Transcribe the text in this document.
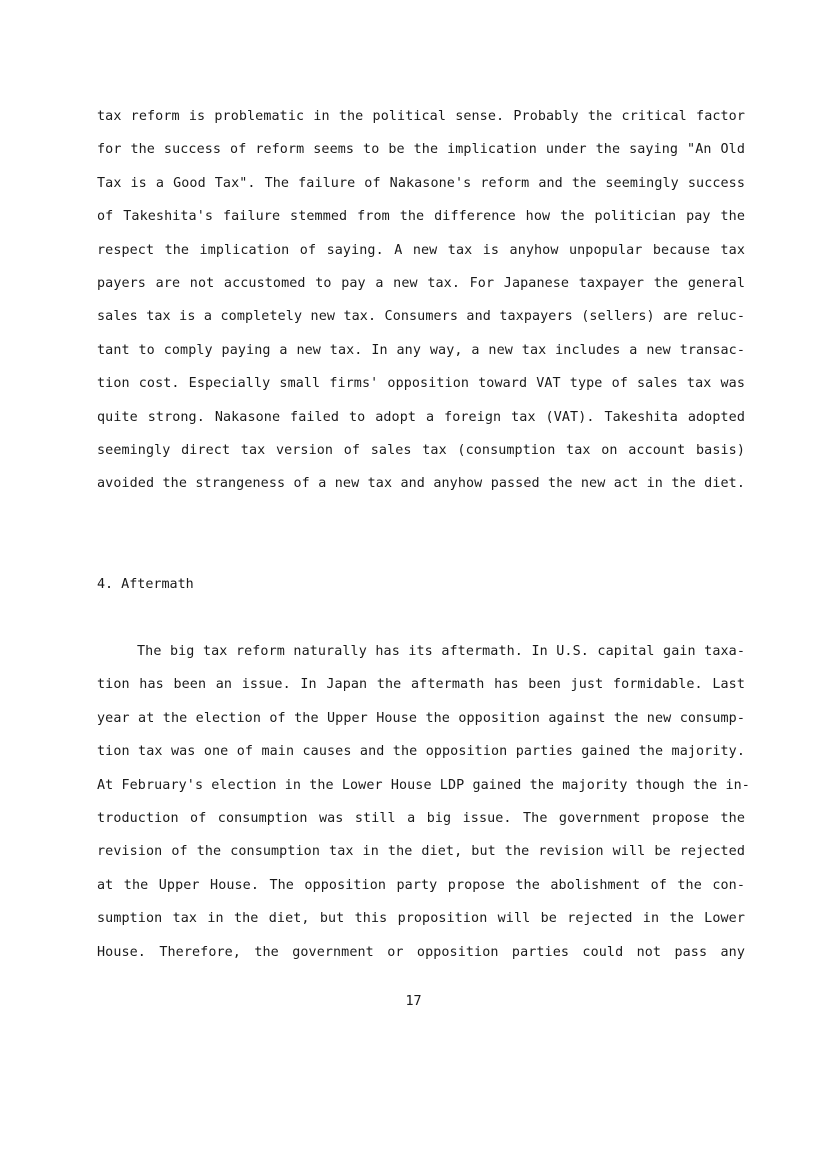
tax reform is problematic in the political sense. Probably the critical factor
for the success of reform seems to be the implication under the saying "An Old
Tax is a Good Tax". The failure of Nakasone's reform and the seemingly success
of Takeshita's failure stemmed from the difference how the politician pay the
respect the implication of saying. A new tax is anyhow unpopular because tax
payers are not accustomed to pay a new tax. For Japanese taxpayer the general
sales tax is a completely new tax. Consumers and taxpayers (sellers) are reluc-
tant to comply paying a new tax. In any way, a new tax includes a new transac-
tion cost. Especially small firms' opposition toward VAT type of sales tax was
quite strong. Nakasone failed to adopt a foreign tax (VAT). Takeshita adopted
seemingly direct tax version of sales tax (consumption tax on account basis)
avoided the strangeness of a new tax and anyhow passed the new act in the diet.
4. Aftermath
The big tax reform naturally has its aftermath. In U.S. capital gain taxa-
tion has been an issue. In Japan the aftermath has been just formidable. Last
year at the election of the Upper House the opposition against the new consump-
tion tax was one of main causes and the opposition parties gained the majority.
At February's election in the Lower House LDP gained the majority though the in-
troduction of consumption was still a big issue. The government propose the
revision of the consumption tax in the diet, but the revision will be rejected
at the Upper House. The opposition party propose the abolishment of the con-
sumption tax in the diet, but this proposition will be rejected in the Lower
House. Therefore, the government or opposition parties could not pass any
17
